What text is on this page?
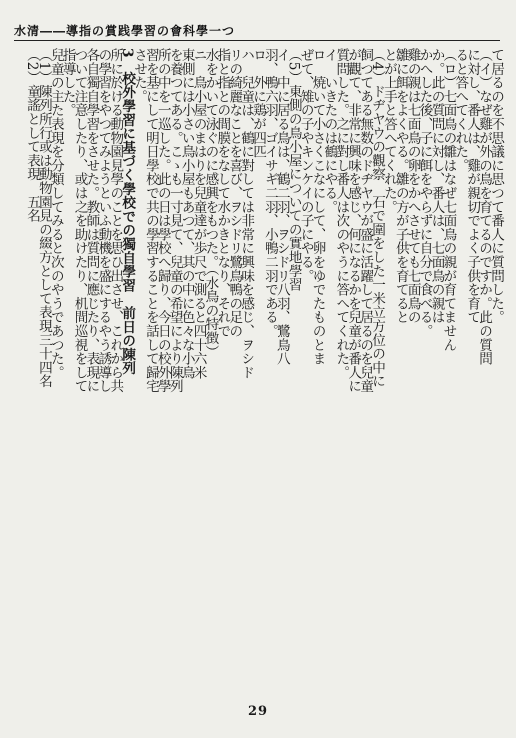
水清――導指の賞践學習の會科學一つ
て居るのを不思議に思つて番人に質問した。
（イ）なぜ雞が外の鳥を育てるのですか。此の質問
に対し、番人は、雞が親切でよく子供を育て
ると答へてくれた。
（ロ）七面鳥の雛はなぜ七面鳥の親が育てません
か。此の質問に対し、番人は、七面鳥の親は
かへした後、子に餌をやらずに自分で食べる。
雞の親は七面鳥の卵をかへさせても七面鳥の
雛に餌をよくやる。雛の方が子供を育てると
とが上手と答へてくれた。
（4）ドヂヤウの觀察　石で圍をした一米立方位の中に
飼つてある無数のドヂヤウが盛に活躍して居るのを兒童
が觀て、非常に興味を感じ、何になるかを兒童が番人に
質問した。之に對し番人は次のやうに答へてくれた。
イ　いきたのは鶴にやる。
ロ　焼いて小さくこなにして、卵をゆでたものとま
ぜて、雉の子やキンケイの子にやる。
（5）東側の鳥小屋についての實地學習
イ　中に居る鳥は、鶴二羽、ヲシドリ八羽、鷺鳥八
羽、鴨六羽、ゴイサギ二羽、小鴨二羽である。
ロ　外に鶏が四匹
ハ　兒童は、鶴に對しては非常に興味を感じ、ヲシド
リの綺麗なことを喜び、ヲシドリ鷺鳥鴨の足の
指と指との間膜をなして水かきとなり、それで
水をかいて泳ぐのに感興をもつた。（水鳥の特徴）
ニ　鳥小屋のまはりを兒童達が歩尺で測ると四十六米
東側には小さい鳥小屋もあつて、其の中に色々な小鳥
を養つてある。こゝも一寸見て、兒童の希望により陳列
所の中を一巡した。此の日は學校へ歸り、今日の校外學
習を基にして明日學校で共の學習することを話して歸宅
させた。
3　校外學習に基づく學校での獨自學習　前日の陳列
所に於ける動物園見學のことを思ひ出させ、これから共
の學習をやつてみようといふ動機を盛にするやう誘導し
各自獨自學習をさせた。教師は質問に應じたり、表現に
ついて注意したり、或は之を助けたり、机間巡視をして
指導した。
兒童の主た表現を分類してみると次のやうであつた。
（1）陳列所行或は動物園見の綴方として表現三十四名
（2）童謠として表現　五名
29
